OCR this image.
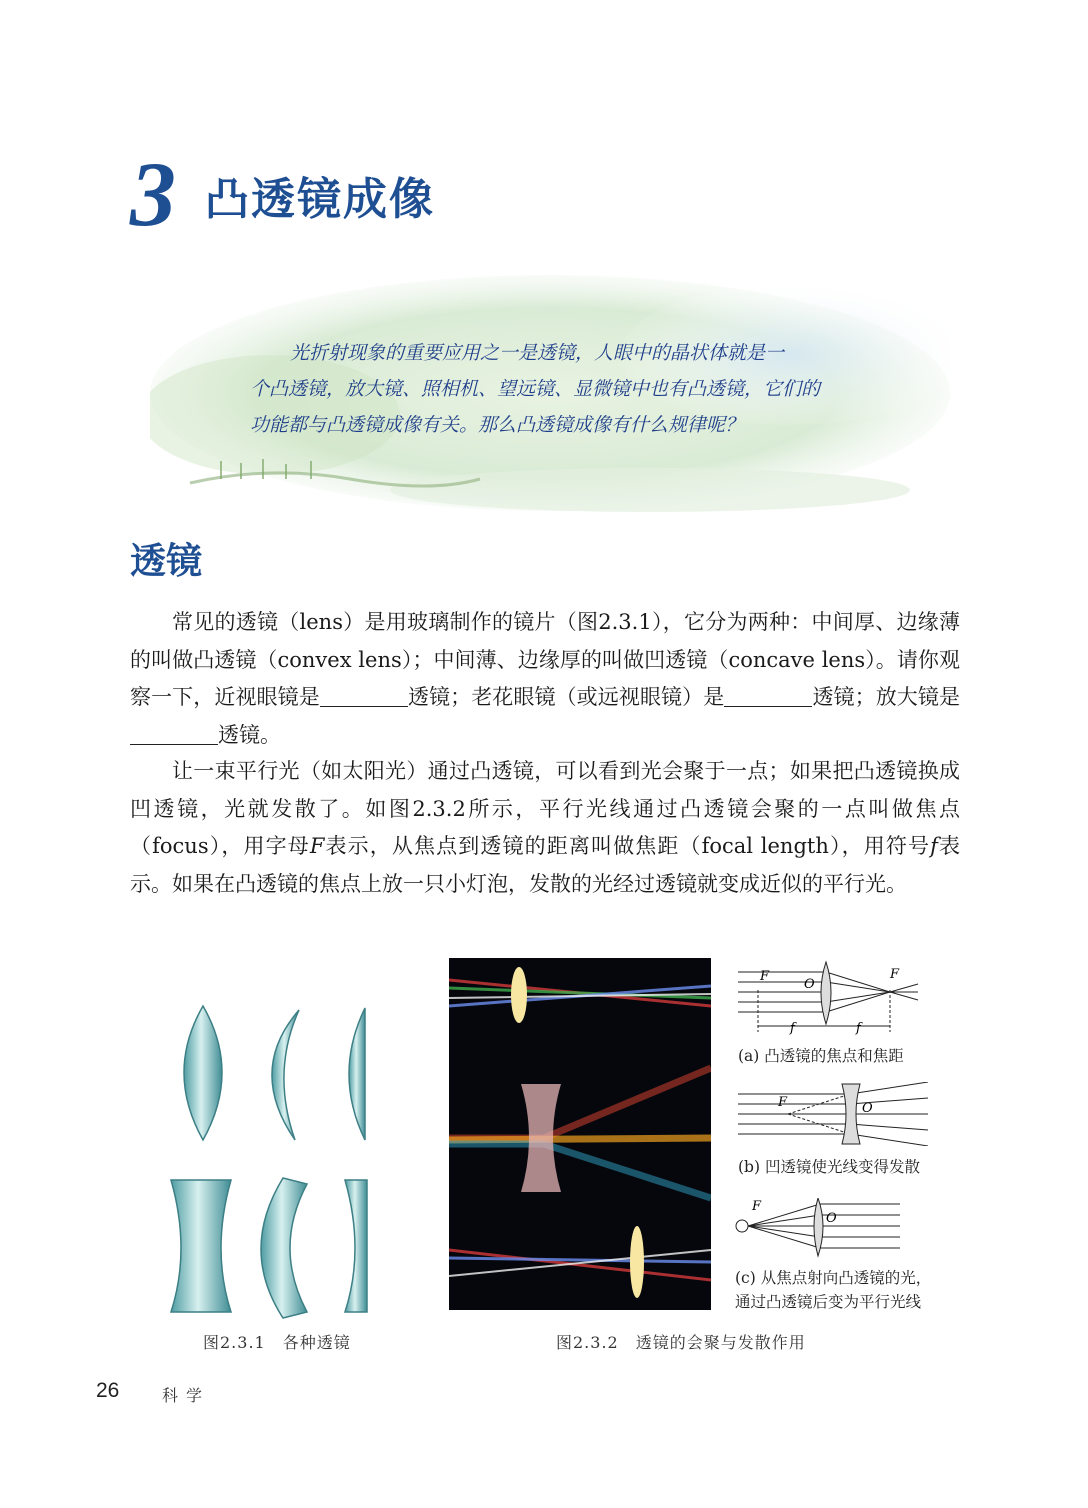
3 凸透镜成像
光折射现象的重要应用之一是透镜，人眼中的晶状体就是一
个凸透镜，放大镜、照相机、望远镜、显微镜中也有凸透镜，它们的
功能都与凸透镜成像有关。那么凸透镜成像有什么规律呢？
透镜
常见的透镜（lens）是用玻璃制作的镜片（图2.3.1），它分为两种：中间厚、边缘薄的叫做凸透镜（convex lens）；中间薄、边缘厚的叫做凹透镜（concave lens）。请你观察一下，近视眼镜是	透镜；老花眼镜（或远视眼镜）是	透镜；放大镜是透镜。
让一束平行光（如太阳光）通过凸透镜，可以看到光会聚于一点；如果把凸透镜换成凹透镜，光就发散了。如图2.3.2所示，平行光线通过凸透镜会聚的一点叫做焦点（focus），用字母F表示，从焦点到透镜的距离叫做焦距（focal length），用符号f表示。如果在凸透镜的焦点上放一只小灯泡，发散的光经过透镜就变成近似的平行光。
F
O
F
f	f
(a) 凸透镜的焦点和焦距
F	O
(b) 凹透镜使光线变得发散
F
O
(c) 从焦点射向凸透镜的光，
通过凸透镜后变为平行光线
图2.3.1　各种透镜	图2.3.2　透镜的会聚与发散作用
26	科学
